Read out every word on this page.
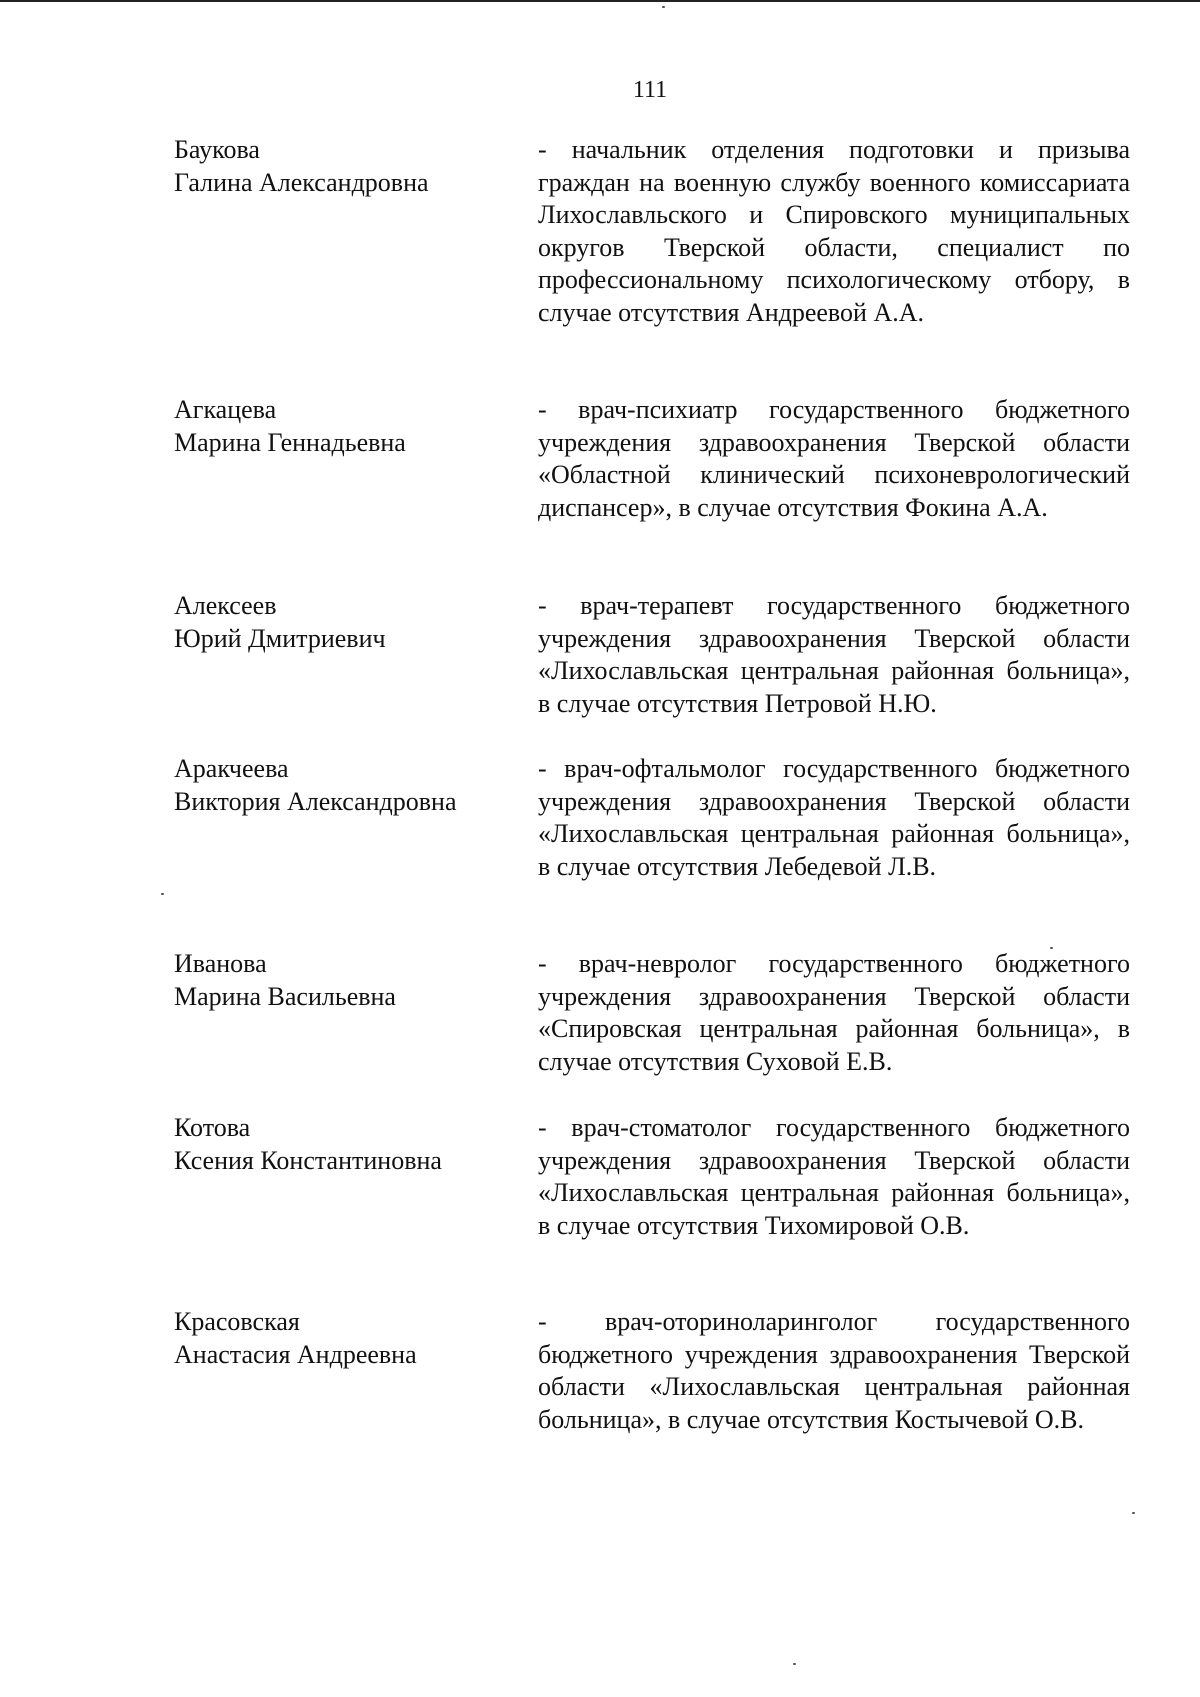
111
Баукова
Галина Александровна
- начальник отделения подготовки и призыва граждан на военную службу военного комиссариата Лихославльского и Спировского муниципальных округов Тверской области, специалист по профессиональному психологическому отбору, в случае отсутствия Андреевой А.А.
Агкацева
Марина Геннадьевна
- врач-психиатр государственного бюджетного учреждения здравоохранения Тверской области «Областной клинический психоневрологический диспансер», в случае отсутствия Фокина А.А.
Алексеев
Юрий Дмитриевич
- врач-терапевт государственного бюджетного учреждения здравоохранения Тверской области «Лихославльская центральная районная больница», в случае отсутствия Петровой Н.Ю.
Аракчеева
Виктория Александровна
- врач-офтальмолог государственного бюджетного учреждения здравоохранения Тверской области «Лихославльская центральная районная больница», в случае отсутствия Лебедевой Л.В.
Иванова
Марина Васильевна
- врач-невролог государственного бюджетного учреждения здравоохранения Тверской области «Спировская центральная районная больница», в случае отсутствия Суховой Е.В.
Котова
Ксения Константиновна
- врач-стоматолог государственного бюджетного учреждения здравоохранения Тверской области «Лихославльская центральная районная больница», в случае отсутствия Тихомировой О.В.
Красовская
Анастасия Андреевна
- врач-оториноларинголог государственного бюджетного учреждения здравоохранения Тверской области «Лихославльская центральная районная больница», в случае отсутствия Костычевой О.В.
